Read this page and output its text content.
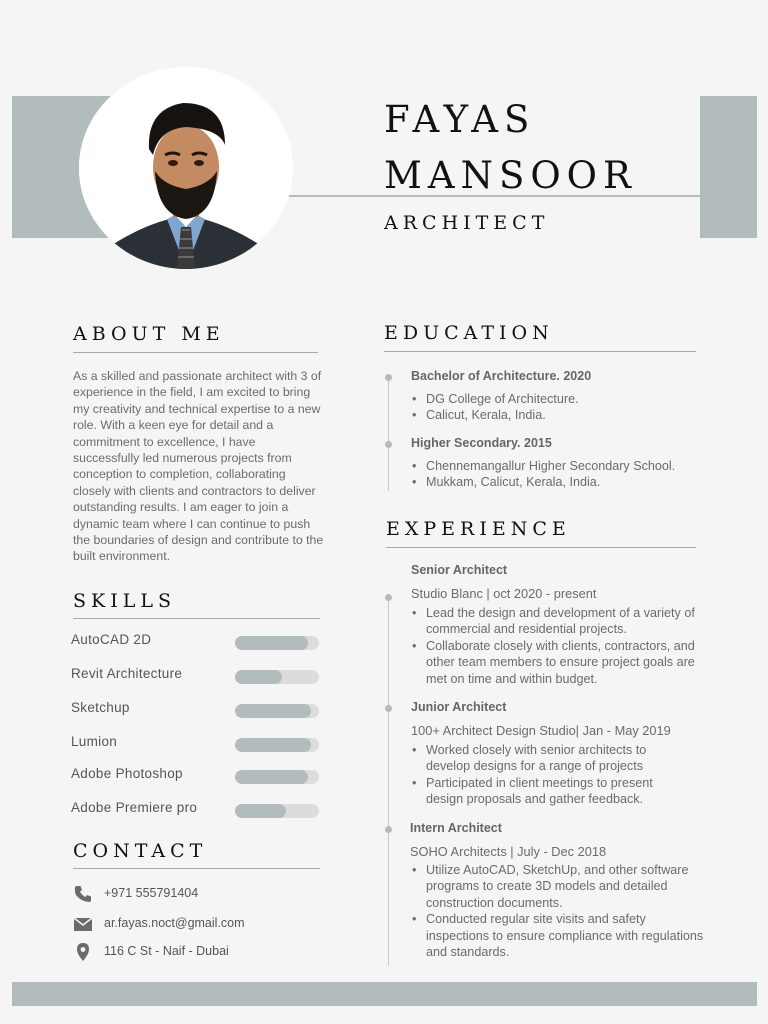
FAYAS
MANSOOR
ARCHITECT
ABOUT ME
As a skilled and passionate architect with 3 of experience in the field, I am excited to bring my creativity and technical expertise to a new role. With a keen eye for detail and a commitment to excellence, I have successfully led numerous projects from conception to completion, collaborating closely with clients and contractors to deliver outstanding results. I am eager to join a dynamic team where I can continue to push the boundaries of design and contribute to the built environment.
SKILLS
AutoCAD 2D
Revit Architecture
Sketchup
Lumion
Adobe Photoshop
Adobe Premiere pro
CONTACT
+971 555791404
ar.fayas.noct@gmail.com
116 C St - Naif - Dubai
EDUCATION
Bachelor of Architecture. 2020
• DG College of Architecture.
• Calicut, Kerala, India.
Higher Secondary. 2015
• Chennemangallur Higher Secondary School.
• Mukkam, Calicut, Kerala, India.
EXPERIENCE
Senior Architect
Studio Blanc | oct 2020 - present
• Lead the design and development of a variety of commercial and residential projects.
• Collaborate closely with clients, contractors, and other team members to ensure project goals are met on time and within budget.
Junior Architect
100+ Architect Design Studio| Jan - May 2019
• Worked closely with senior architects to develop designs for a range of projects
• Participated in client meetings to present design proposals and gather feedback.
Intern Architect
SOHO Architects | July - Dec 2018
• Utilize AutoCAD, SketchUp, and other software programs to create 3D models and detailed construction documents.
• Conducted regular site visits and safety inspections to ensure compliance with regulations and standards.
